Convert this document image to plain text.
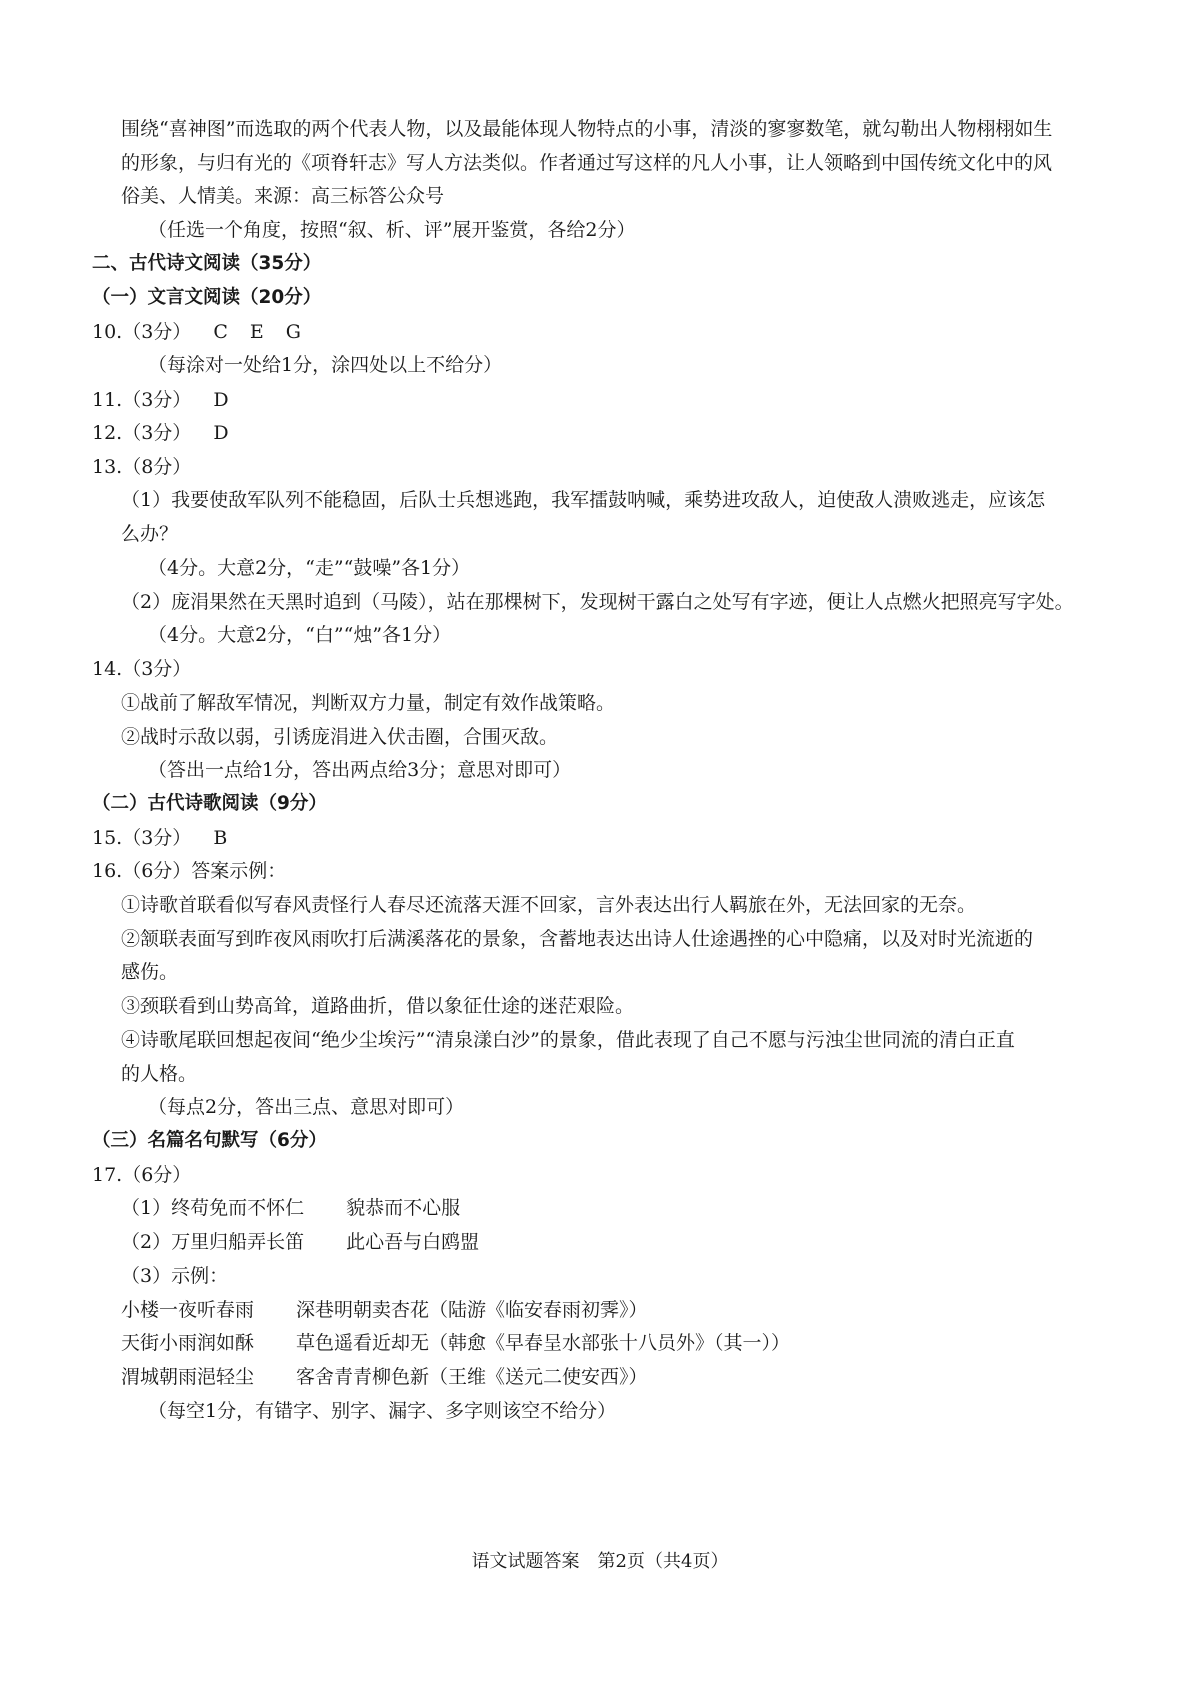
围绕“喜神图”而选取的两个代表人物，以及最能体现人物特点的小事，清淡的寥寥数笔，就勾勒出人物栩栩如生
的形象，与归有光的《项脊轩志》写人方法类似。作者通过写这样的凡人小事，让人领略到中国传统文化中的风
俗美、人情美。来源：高三标答公众号
（任选一个角度，按照“叙、析、评”展开鉴赏，各给2分）
二、古代诗文阅读（35分）
（一）文言文阅读（20分）
10.（3分） C E G
（每涂对一处给1分，涂四处以上不给分）
11.（3分） D
12.（3分） D
13.（8分）
（1）我要使敌军队列不能稳固，后队士兵想逃跑，我军擂鼓呐喊，乘势进攻敌人，迫使敌人溃败逃走，应该怎
么办？
（4分。大意2分，“走”“鼓噪”各1分）
（2）庞涓果然在天黑时追到（马陵），站在那棵树下，发现树干露白之处写有字迹，便让人点燃火把照亮写字处。
（4分。大意2分，“白”“烛”各1分）
14.（3分）
①战前了解敌军情况，判断双方力量，制定有效作战策略。
②战时示敌以弱，引诱庞涓进入伏击圈，合围灭敌。
（答出一点给1分，答出两点给3分；意思对即可）
（二）古代诗歌阅读（9分）
15.（3分） B
16.（6分）答案示例：
①诗歌首联看似写春风责怪行人春尽还流落天涯不回家，言外表达出行人羁旅在外，无法回家的无奈。
②颔联表面写到昨夜风雨吹打后满溪落花的景象，含蓄地表达出诗人仕途遇挫的心中隐痛，以及对时光流逝的
感伤。
③颈联看到山势高耸，道路曲折，借以象征仕途的迷茫艰险。
④诗歌尾联回想起夜间“绝少尘埃污”“清泉漾白沙”的景象，借此表现了自己不愿与污浊尘世同流的清白正直
的人格。
（每点2分，答出三点、意思对即可）
（三）名篇名句默写（6分）
17.（6分）
（1）终苟免而不怀仁 貌恭而不心服
（2）万里归船弄长笛 此心吾与白鸥盟
（3）示例：
小楼一夜听春雨 深巷明朝卖杏花（陆游《临安春雨初霁》）
天街小雨润如酥 草色遥看近却无（韩愈《早春呈水部张十八员外》（其一））
渭城朝雨浥轻尘 客舍青青柳色新（王维《送元二使安西》）
（每空1分，有错字、别字、漏字、多字则该空不给分）
语文试题答案　第2页（共4页）
